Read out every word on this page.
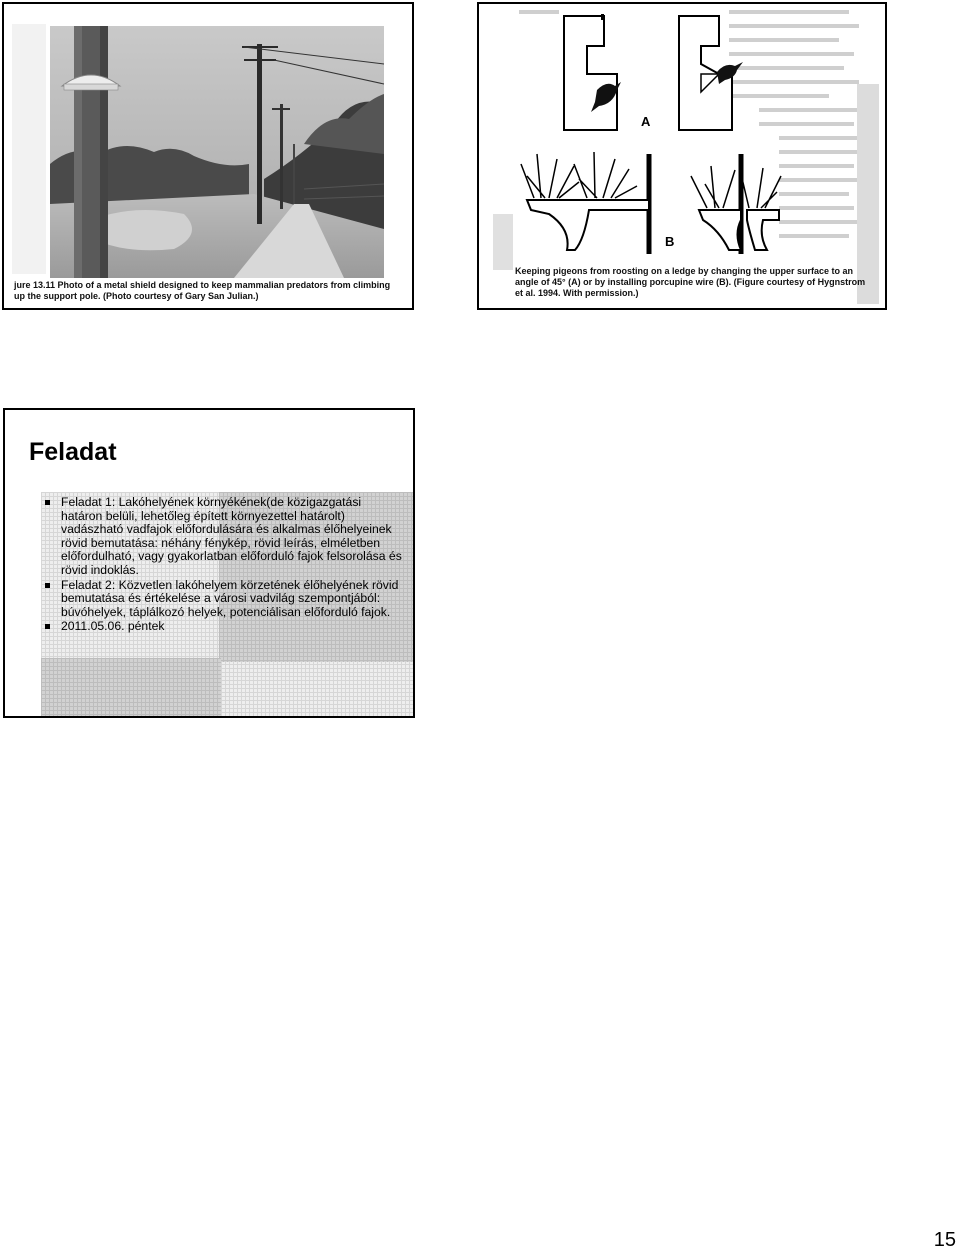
jure 13.11 Photo of a metal shield designed to keep mammalian predators from climbing
up the support pole. (Photo courtesy of Gary San Julian.)
A
B
Keeping pigeons from roosting on a ledge by changing the upper surface to an
angle of 45° (A) or by installing porcupine wire (B). (Figure courtesy of Hygnstrom
et al. 1994. With permission.)
Feladat
Feladat 1: Lakóhelyének környékének(de közigazgatási határon belüli, lehetőleg épített környezettel határolt) vadászható vadfajok előfordulására és alkalmas élőhelyeinek rövid bemutatása: néhány fénykép, rövid leírás, elméletben előfordulható, vagy gyakorlatban előforduló fajok felsorolása és rövid indoklás.
Feladat 2: Közvetlen lakóhelyem körzetének élőhelyének rövid bemutatása és értékelése a városi vadvilág szempontjából: búvóhelyek, táplálkozó helyek, potenciálisan előforduló fajok.
2011.05.06. péntek
15
